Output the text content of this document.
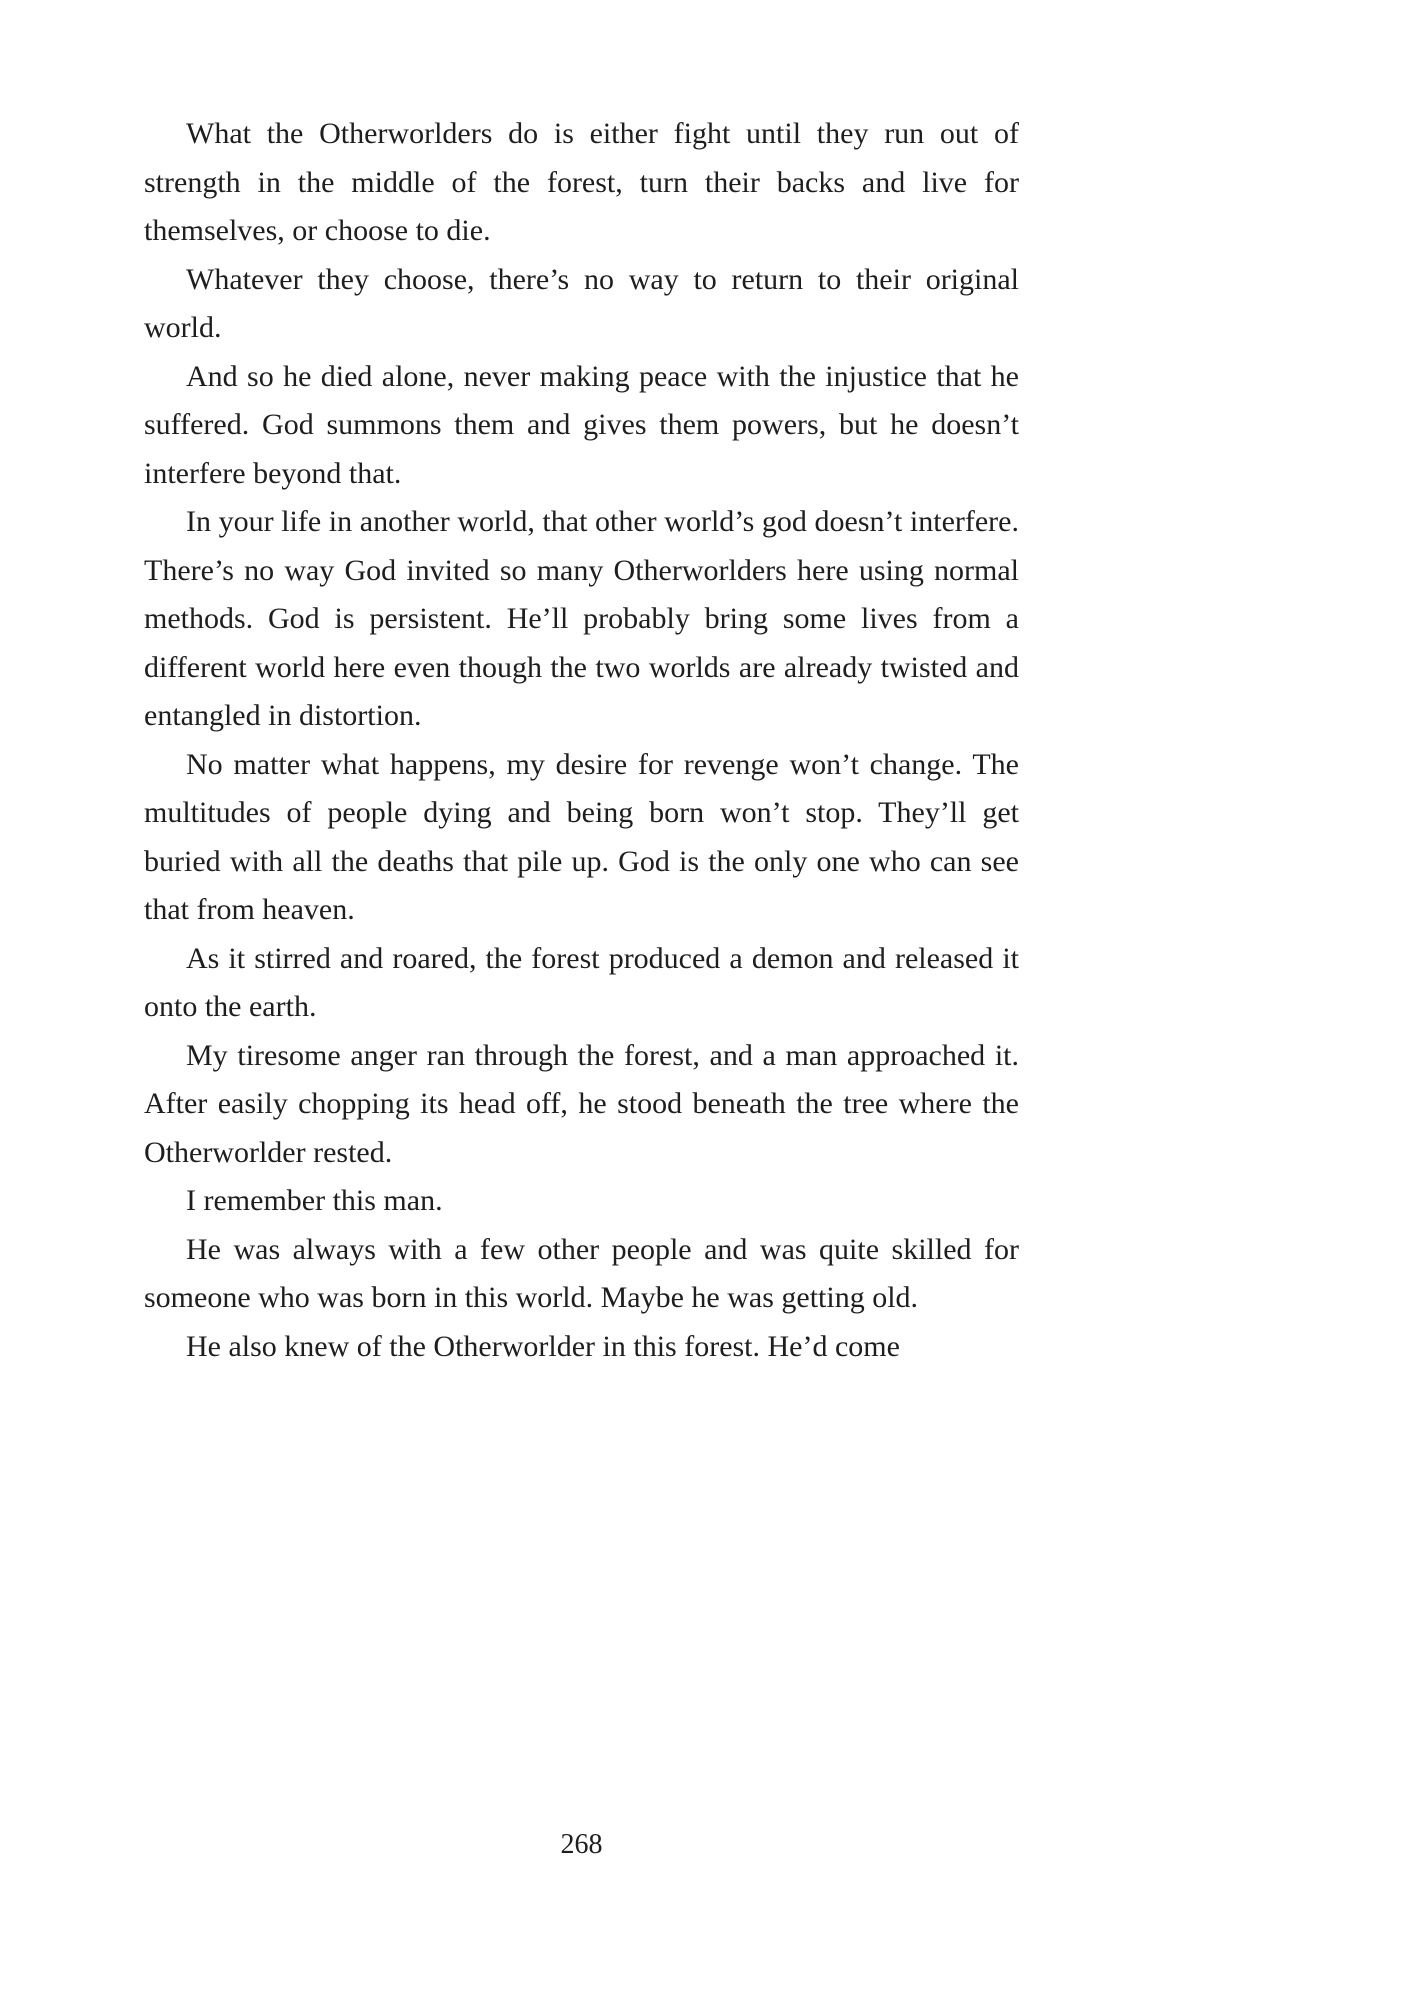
What the Otherworlders do is either fight until they run out of strength in the middle of the forest, turn their backs and live for themselves, or choose to die.

Whatever they choose, there’s no way to return to their original world.

And so he died alone, never making peace with the injustice that he suffered. God summons them and gives them powers, but he doesn’t interfere beyond that.

In your life in another world, that other world’s god doesn’t interfere. There’s no way God invited so many Otherworlders here using normal methods. God is persistent. He’ll probably bring some lives from a different world here even though the two worlds are already twisted and entangled in distortion.

No matter what happens, my desire for revenge won’t change. The multitudes of people dying and being born won’t stop. They’ll get buried with all the deaths that pile up. God is the only one who can see that from heaven.

As it stirred and roared, the forest produced a demon and released it onto the earth.

My tiresome anger ran through the forest, and a man approached it. After easily chopping its head off, he stood beneath the tree where the Otherworlder rested.

I remember this man.

He was always with a few other people and was quite skilled for someone who was born in this world. Maybe he was getting old.

He also knew of the Otherworlder in this forest. He’d come

268
